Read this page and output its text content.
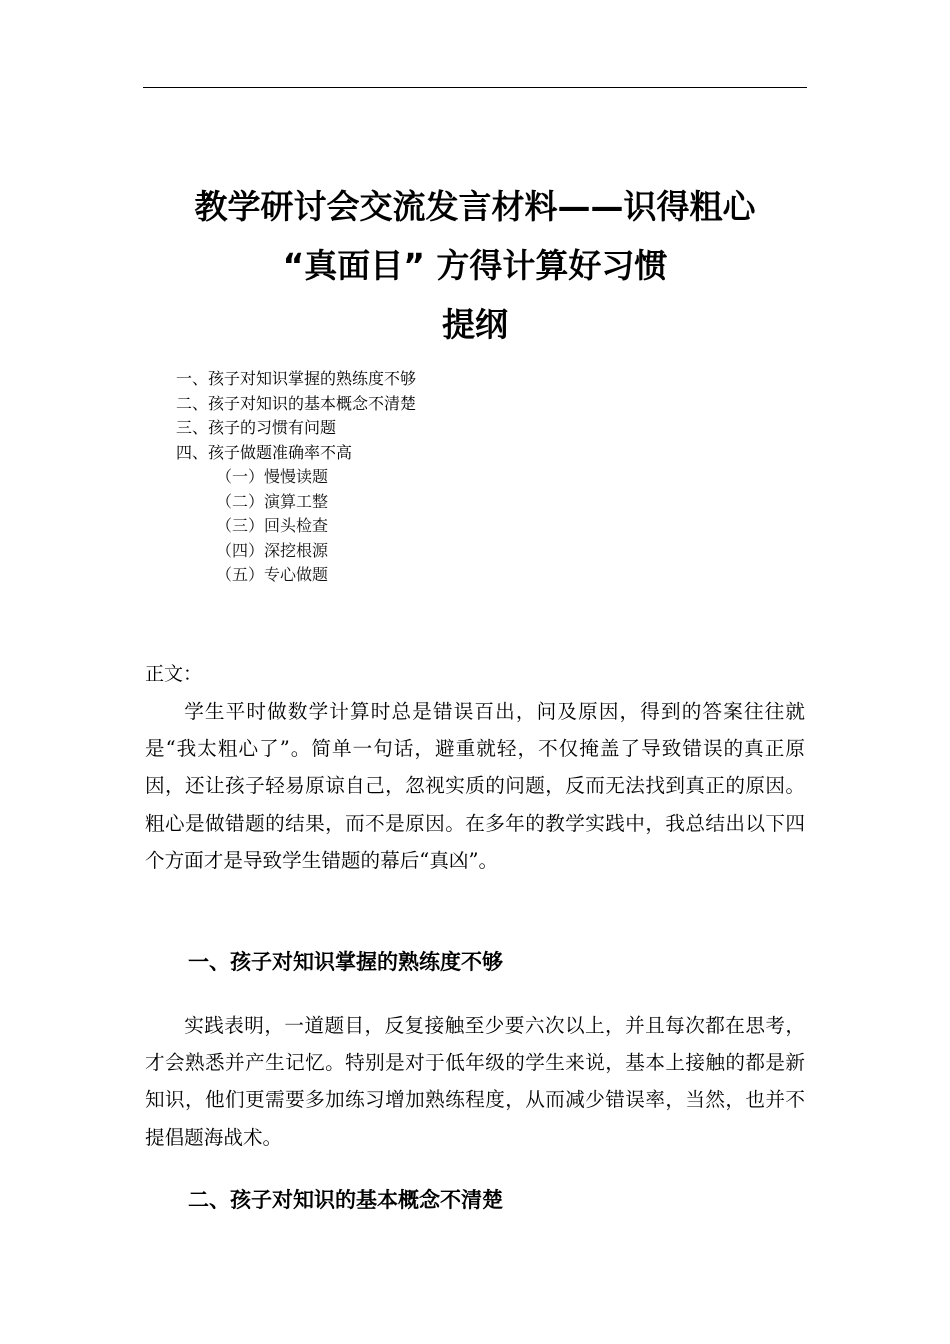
教学研讨会交流发言材料——识得粗心
“真面目” 方得计算好习惯
提纲
一、孩子对知识掌握的熟练度不够
二、孩子对知识的基本概念不清楚
三、孩子的习惯有问题
四、孩子做题准确率不高
（一）慢慢读题
（二）演算工整
（三）回头检查
（四）深挖根源
（五）专心做题
正文：

学生平时做数学计算时总是错误百出，问及原因，得到的答案往往就是“我太粗心了”。简单一句话，避重就轻，不仅掩盖了导致错误的真正原因，还让孩子轻易原谅自己，忽视实质的问题，反而无法找到真正的原因。粗心是做错题的结果，而不是原因。在多年的教学实践中，我总结出以下四个方面才是导致学生错题的幕后“真凶”。

一、孩子对知识掌握的熟练度不够

实践表明，一道题目，反复接触至少要六次以上，并且每次都在思考，才会熟悉并产生记忆。特别是对于低年级的学生来说，基本上接触的都是新知识，他们更需要多加练习增加熟练程度，从而减少错误率，当然，也并不提倡题海战术。

二、孩子对知识的基本概念不清楚
